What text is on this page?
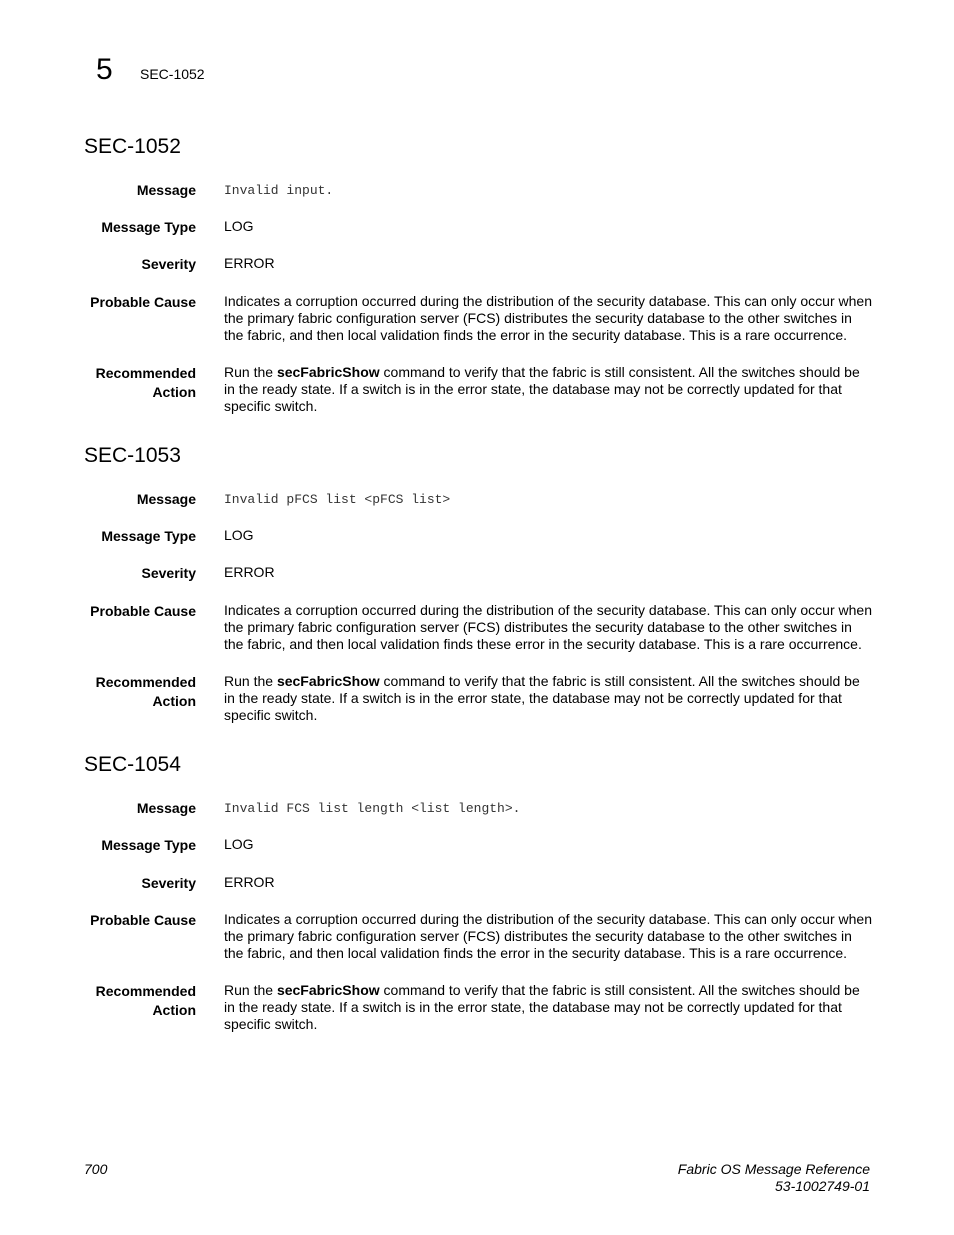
5 SEC-1052
SEC-1052
Message Invalid input.
Message Type LOG
Severity ERROR
Probable Cause Indicates a corruption occurred during the distribution of the security database. This can only occur when the primary fabric configuration server (FCS) distributes the security database to the other switches in the fabric, and then local validation finds the error in the security database. This is a rare occurrence.
Recommended
Action
Run the secFabricShow command to verify that the fabric is still consistent. All the switches should be in the ready state. If a switch is in the error state, the database may not be correctly updated for that specific switch.
SEC-1053
Message Invalid pFCS list <pFCS list>
Message Type LOG
Severity ERROR
Probable Cause Indicates a corruption occurred during the distribution of the security database. This can only occur when the primary fabric configuration server (FCS) distributes the security database to the other switches in the fabric, and then local validation finds these error in the security database. This is a rare occurrence.
Recommended
Action
Run the secFabricShow command to verify that the fabric is still consistent. All the switches should be in the ready state. If a switch is in the error state, the database may not be correctly updated for that specific switch.
SEC-1054
Message Invalid FCS list length <list length>.
Message Type LOG
Severity ERROR
Probable Cause Indicates a corruption occurred during the distribution of the security database. This can only occur when the primary fabric configuration server (FCS) distributes the security database to the other switches in the fabric, and then local validation finds the error in the security database. This is a rare occurrence.
Recommended
Action
Run the secFabricShow command to verify that the fabric is still consistent. All the switches should be in the ready state. If a switch is in the error state, the database may not be correctly updated for that specific switch.
700	Fabric OS Message Reference
53-1002749-01
